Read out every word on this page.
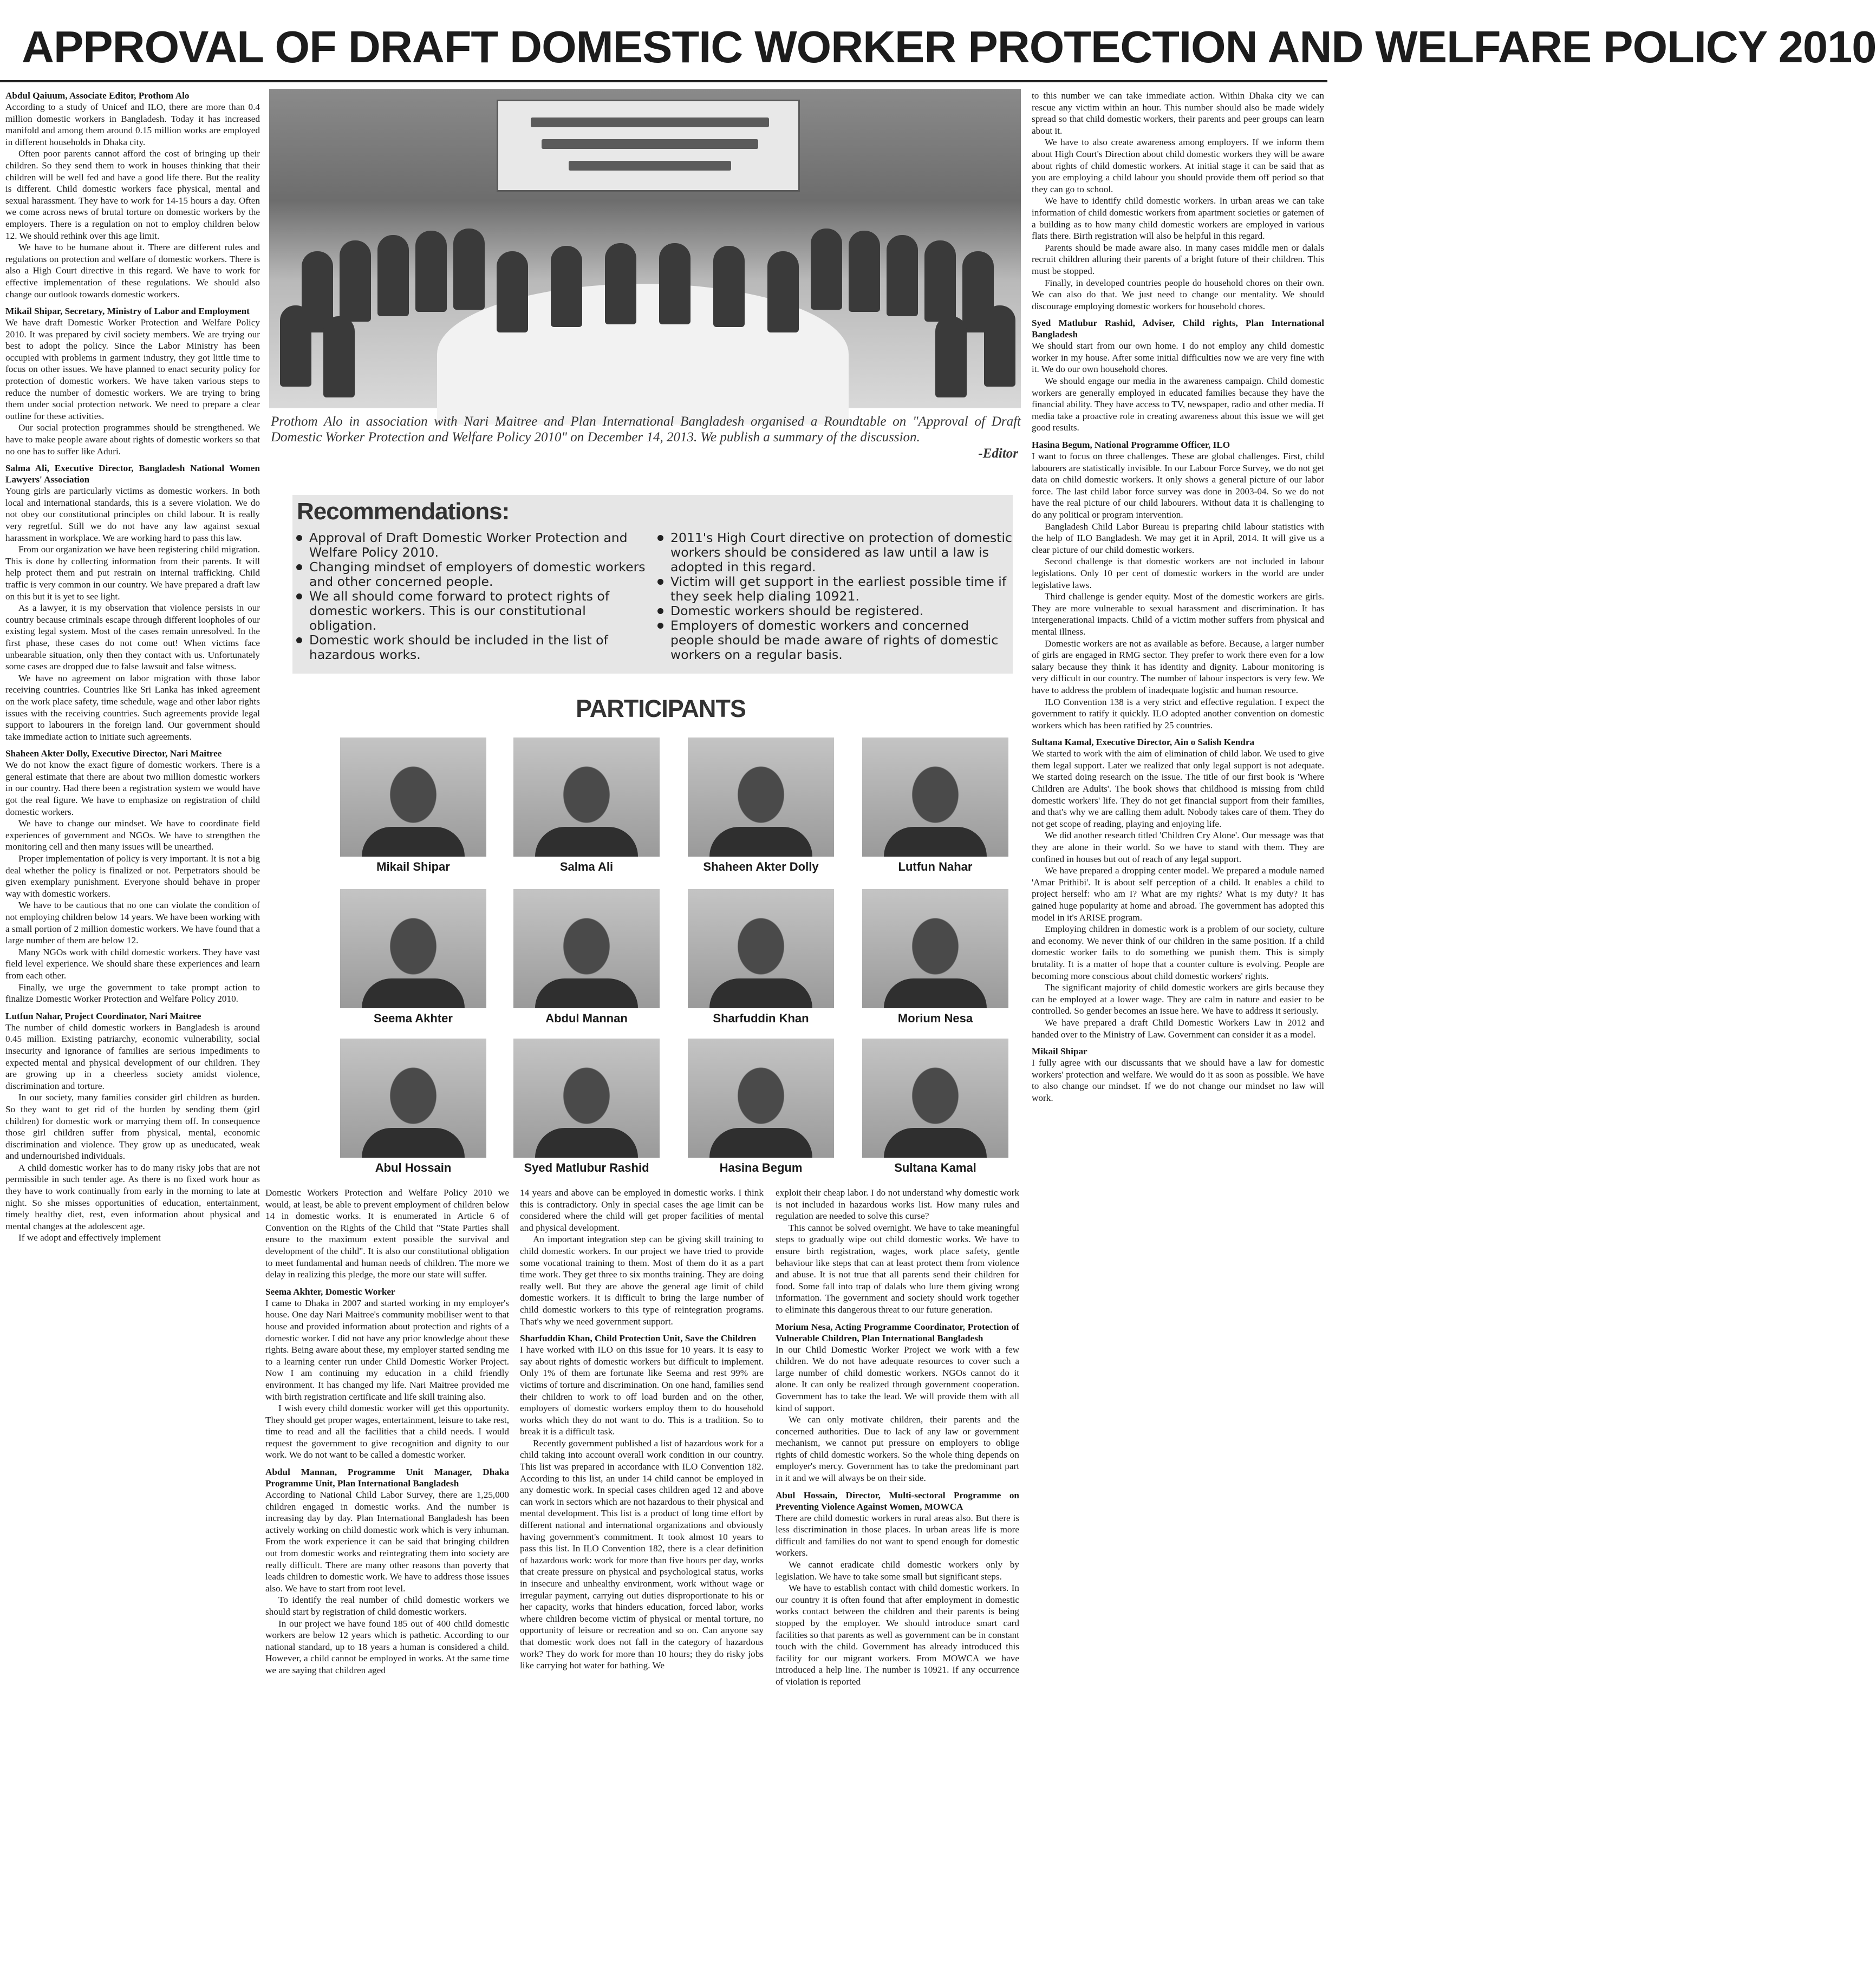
APPROVAL OF DRAFT DOMESTIC WORKER PROTECTION AND WELFARE POLICY 2010
Abdul Qaiuum, Associate Editor, Prothom Alo

According to a study of Unicef and ILO, there are more than 0.4 million domestic workers in Bangladesh. Today it has increased manifold and among them around 0.15 million works are employed in different households in Dhaka city.

Often poor parents cannot afford the cost of bringing up their children. So they send them to work in houses thinking that their children will be well fed and have a good life there. But the reality is different. Child domestic workers face physical, mental and sexual harassment. They have to work for 14-15 hours a day. Often we come across news of brutal torture on domestic workers by the employers. There is a regulation on not to employ children below 12. We should rethink over this age limit.

We have to be humane about it. There are different rules and regulations on protection and welfare of domestic workers. There is also a High Court directive in this regard. We have to work for effective implementation of these regulations. We should also change our outlook towards domestic workers.

Mikail Shipar, Secretary, Ministry of Labor and Employment

We have draft Domestic Worker Protection and Welfare Policy 2010. It was prepared by civil society members. We are trying our best to adopt the policy. Since the Labor Ministry has been occupied with problems in garment industry, they got little time to focus on other issues. We have planned to enact security policy for protection of domestic workers. We have taken various steps to reduce the number of domestic workers. We are trying to bring them under social protection network. We need to prepare a clear outline for these activities.

Our social protection programmes should be strengthened. We have to make people aware about rights of domestic workers so that no one has to suffer like Aduri.

Salma Ali, Executive Director, Bangladesh National Women Lawyers' Association

Young girls are particularly victims as domestic workers. In both local and international standards, this is a severe violation. We do not obey our constitutional principles on child labour. It is really very regretful. Still we do not have any law against sexual harassment in workplace. We are working hard to pass this law.

From our organization we have been registering child migration. This is done by collecting information from their parents. It will help protect them and put restrain on internal trafficking. Child traffic is very common in our country. We have prepared a draft law on this but it is yet to see light.

As a lawyer, it is my observation that violence persists in our country because criminals escape through different loopholes of our existing legal system. Most of the cases remain unresolved. In the first phase, these cases do not come out! When victims face unbearable situation, only then they contact with us. Unfortunately some cases are dropped due to false lawsuit and false witness.

We have no agreement on labor migration with those labor receiving countries. Countries like Sri Lanka has inked agreement on the work place safety, time schedule, wage and other labor rights issues with the receiving countries. Such agreements provide legal support to labourers in the foreign land. Our government should take immediate action to initiate such agreements.

Shaheen Akter Dolly, Executive Director, Nari Maitree

We do not know the exact figure of domestic workers. There is a general estimate that there are about two million domestic workers in our country. Had there been a registration system we would have got the real figure. We have to emphasize on registration of child domestic workers.

We have to change our mindset. We have to coordinate field experiences of government and NGOs. We have to strengthen the monitoring cell and then many issues will be unearthed.

Proper implementation of policy is very important. It is not a big deal whether the policy is finalized or not. Perpetrators should be given exemplary punishment. Everyone should behave in proper way with domestic workers.

We have to be cautious that no one can violate the condition of not employing children below 14 years. We have been working with a small portion of 2 million domestic workers. We have found that a large number of them are below 12.

Many NGOs work with child domestic workers. They have vast field level experience. We should share these experiences and learn from each other.

Finally, we urge the government to take prompt action to finalize Domestic Worker Protection and Welfare Policy 2010.

Lutfun Nahar, Project Coordinator, Nari Maitree

The number of child domestic workers in Bangladesh is around 0.45 million. Existing patriarchy, economic vulnerability, social insecurity and ignorance of families are serious impediments to expected mental and physical development of our children. They are growing up in a cheerless society amidst violence, discrimination and torture.

In our society, many families consider girl children as burden. So they want to get rid of the burden by sending them (girl children) for domestic work or marrying them off. In consequence those girl children suffer from physical, mental, economic discrimination and violence. They grow up as uneducated, weak and undernourished individuals.

A child domestic worker has to do many risky jobs that are not permissible in such tender age. As there is no fixed work hour as they have to work continually from early in the morning to late at night. So she misses opportunities of education, entertainment, timely healthy diet, rest, even information about physical and mental changes at the adolescent age.

If we adopt and effectively implement

Prothom Alo in association with Nari Maitree and Plan International Bangladesh organised a Roundtable on "Approval of Draft Domestic Worker Protection and Welfare Policy 2010" on December 14, 2013. We publish a summary of the discussion.
-Editor
Recommendations:
Approval of Draft Domestic Worker Protection and Welfare Policy 2010.
Changing mindset of employers of domestic workers and other concerned people.
We all should come forward to protect rights of domestic workers. This is our constitutional obligation.
Domestic work should be included in the list of hazardous works.
2011's High Court directive on protection of domestic workers should be considered as law until a law is adopted in this regard.
Victim will get support in the earliest possible time if they seek help dialing 10921.
Domestic workers should be registered.
Employers of domestic workers and concerned people should be made aware of rights of domestic workers on a regular basis.
PARTICIPANTS
Mikail Shipar	Salma Ali	Shaheen Akter Dolly	Lutfun Nahar
Seema Akhter	Abdul Mannan	Sharfuddin Khan	Morium Nesa
Abul Hossain	Syed Matlubur Rashid	Hasina Begum	Sultana Kamal

Domestic Workers Protection and Welfare Policy 2010 we would, at least, be able to prevent employment of children below 14 in domestic works. It is enumerated in Article 6 of Convention on the Rights of the Child that "State Parties shall ensure to the maximum extent possible the survival and development of the child". It is also our constitutional obligation to meet fundamental and human needs of children. The more we delay in realizing this pledge, the more our state will suffer.

Seema Akhter, Domestic Worker

I came to Dhaka in 2007 and started working in my employer's house. One day Nari Maitree's community mobiliser went to that house and provided information about protection and rights of a domestic worker. I did not have any prior knowledge about these rights. Being aware about these, my employer started sending me to a learning center run under Child Domestic Worker Project. Now I am continuing my education in a child friendly environment. It has changed my life. Nari Maitree provided me with birth registration certificate and life skill training also.

I wish every child domestic worker will get this opportunity. They should get proper wages, entertainment, leisure to take rest, time to read and all the facilities that a child needs. I would request the government to give recognition and dignity to our work. We do not want to be called a domestic worker.

Abdul Mannan, Programme Unit Manager, Dhaka Programme Unit, Plan International Bangladesh

According to National Child Labor Survey, there are 1,25,000 children engaged in domestic works. And the number is increasing day by day. Plan International Bangladesh has been actively working on child domestic work which is very inhuman. From the work experience it can be said that bringing children out from domestic works and reintegrating them into society are really difficult. There are many other reasons than poverty that leads children to domestic work. We have to address those issues also. We have to start from root level.

To identify the real number of child domestic workers we should start by registration of child domestic workers.

In our project we have found 185 out of 400 child domestic workers are below 12 years which is pathetic. According to our national standard, up to 18 years a human is considered a child. However, a child cannot be employed in works. At the same time we are saying that children aged

14 years and above can be employed in domestic works. I think this is contradictory. Only in special cases the age limit can be considered where the child will get proper facilities of mental and physical development.

An important integration step can be giving skill training to child domestic workers. In our project we have tried to provide some vocational training to them. Most of them do it as a part time work. They get three to six months training. They are doing really well. But they are above the general age limit of child domestic workers. It is difficult to bring the large number of child domestic workers to this type of reintegration programs. That's why we need government support.

Sharfuddin Khan, Child Protection Unit, Save the Children

I have worked with ILO on this issue for 10 years. It is easy to say about rights of domestic workers but difficult to implement. Only 1% of them are fortunate like Seema and rest 99% are victims of torture and discrimination. On one hand, families send their children to work to off load burden and on the other, employers of domestic workers employ them to do household works which they do not want to do. This is a tradition. So to break it is a difficult task.

Recently government published a list of hazardous work for a child taking into account overall work condition in our country. This list was prepared in accordance with ILO Convention 182. According to this list, an under 14 child cannot be employed in any domestic work. In special cases children aged 12 and above can work in sectors which are not hazardous to their physical and mental development. This list is a product of long time effort by different national and international organizations and obviously having government's commitment. It took almost 10 years to pass this list. In ILO Convention 182, there is a clear definition of hazardous work: work for more than five hours per day, works that create pressure on physical and psychological status, works in insecure and unhealthy environment, work without wage or irregular payment, carrying out duties disproportionate to his or her capacity, works that hinders education, forced labor, works where children become victim of physical or mental torture, no opportunity of leisure or recreation and so on. Can anyone say that domestic work does not fall in the category of hazardous work? They do work for more than 10 hours; they do risky jobs like carrying hot water for bathing. We

exploit their cheap labor. I do not understand why domestic work is not included in hazardous works list. How many rules and regulation are needed to solve this curse?

This cannot be solved overnight. We have to take meaningful steps to gradually wipe out child domestic works. We have to ensure birth registration, wages, work place safety, gentle behaviour like steps that can at least protect them from violence and abuse. It is not true that all parents send their children for food. Some fall into trap of dalals who lure them giving wrong information. The government and society should work together to eliminate this dangerous threat to our future generation.

Morium Nesa, Acting Programme Coordinator, Protection of Vulnerable Children, Plan International Bangladesh

In our Child Domestic Worker Project we work with a few children. We do not have adequate resources to cover such a large number of child domestic workers. NGOs cannot do it alone. It can only be realized through government cooperation. Government has to take the lead. We will provide them with all kind of support.

We can only motivate children, their parents and the concerned authorities. Due to lack of any law or government mechanism, we cannot put pressure on employers to oblige rights of child domestic workers. So the whole thing depends on employer's mercy. Government has to take the predominant part in it and we will always be on their side.

Abul Hossain, Director, Multi-sectoral Programme on Preventing Violence Against Women, MOWCA

There are child domestic workers in rural areas also. But there is less discrimination in those places. In urban areas life is more difficult and families do not want to spend enough for domestic workers.

We cannot eradicate child domestic workers only by legislation. We have to take some small but significant steps.

We have to establish contact with child domestic workers. In our country it is often found that after employment in domestic works contact between the children and their parents is being stopped by the employer. We should introduce smart card facilities so that parents as well as government can be in constant touch with the child. Government has already introduced this facility for our migrant workers. From MOWCA we have introduced a help line. The number is 10921. If any occurrence of violation is reported

to this number we can take immediate action. Within Dhaka city we can rescue any victim within an hour. This number should also be made widely spread so that child domestic workers, their parents and peer groups can learn about it.

We have to also create awareness among employers. If we inform them about High Court's Direction about child domestic workers they will be aware about rights of child domestic workers. At initial stage it can be said that as you are employing a child labour you should provide them off period so that they can go to school.

We have to identify child domestic workers. In urban areas we can take information of child domestic workers from apartment societies or gatemen of a building as to how many child domestic workers are employed in various flats there. Birth registration will also be helpful in this regard.

Parents should be made aware also. In many cases middle men or dalals recruit children alluring their parents of a bright future of their children. This must be stopped.

Finally, in developed countries people do household chores on their own. We can also do that. We just need to change our mentality. We should discourage employing domestic workers for household chores.

Syed Matlubur Rashid, Adviser, Child rights, Plan International Bangladesh

We should start from our own home. I do not employ any child domestic worker in my house. After some initial difficulties now we are very fine with it. We do our own household chores.

We should engage our media in the awareness campaign. Child domestic workers are generally employed in educated families because they have the financial ability. They have access to TV, newspaper, radio and other media. If media take a proactive role in creating awareness about this issue we will get good results.

Hasina Begum, National Programme Officer, ILO

I want to focus on three challenges. These are global challenges. First, child labourers are statistically invisible. In our Labour Force Survey, we do not get data on child domestic workers. It only shows a general picture of our labor force. The last child labor force survey was done in 2003-04. So we do not have the real picture of our child labourers. Without data it is challenging to do any political or program intervention.

Bangladesh Child Labor Bureau is preparing child labour statistics with the help of ILO Bangladesh. We may get it in April, 2014. It will give us a clear picture of our child domestic workers.

Second challenge is that domestic workers are not included in labour legislations. Only 10 per cent of domestic workers in the world are under legislative laws.

Third challenge is gender equity. Most of the domestic workers are girls. They are more vulnerable to sexual harassment and discrimination. It has intergenerational impacts. Child of a victim mother suffers from physical and mental illness.

Domestic workers are not as available as before. Because, a larger number of girls are engaged in RMG sector. They prefer to work there even for a low salary because they think it has identity and dignity. Labour monitoring is very difficult in our country. The number of labour inspectors is very few. We have to address the problem of inadequate logistic and human resource.

ILO Convention 138 is a very strict and effective regulation. I expect the government to ratify it quickly. ILO adopted another convention on domestic workers which has been ratified by 25 countries.

Sultana Kamal, Executive Director, Ain o Salish Kendra

We started to work with the aim of elimination of child labor. We used to give them legal support. Later we realized that only legal support is not adequate. We started doing research on the issue. The title of our first book is 'Where Children are Adults'. The book shows that childhood is missing from child domestic workers' life. They do not get financial support from their families, and that's why we are calling them adult. Nobody takes care of them. They do not get scope of reading, playing and enjoying life.

We did another research titled 'Children Cry Alone'. Our message was that they are alone in their world. So we have to stand with them. They are confined in houses but out of reach of any legal support.

We have prepared a dropping center model. We prepared a module named 'Amar Prithibi'. It is about self perception of a child. It enables a child to project herself: who am I? What are my rights? What is my duty? It has gained huge popularity at home and abroad. The government has adopted this model in it's ARISE program.

Employing children in domestic work is a problem of our society, culture and economy. We never think of our children in the same position. If a child domestic worker fails to do something we punish them. This is simply brutality. It is a matter of hope that a counter culture is evolving. People are becoming more conscious about child domestic workers' rights.

The significant majority of child domestic workers are girls because they can be employed at a lower wage. They are calm in nature and easier to be controlled. So gender becomes an issue here. We have to address it seriously.

We have prepared a draft Child Domestic Workers Law in 2012 and handed over to the Ministry of Law. Government can consider it as a model.

Mikail Shipar

I fully agree with our discussants that we should have a law for domestic workers' protection and welfare. We would do it as soon as possible. We have to also change our mindset. If we do not change our mindset no law will work.
